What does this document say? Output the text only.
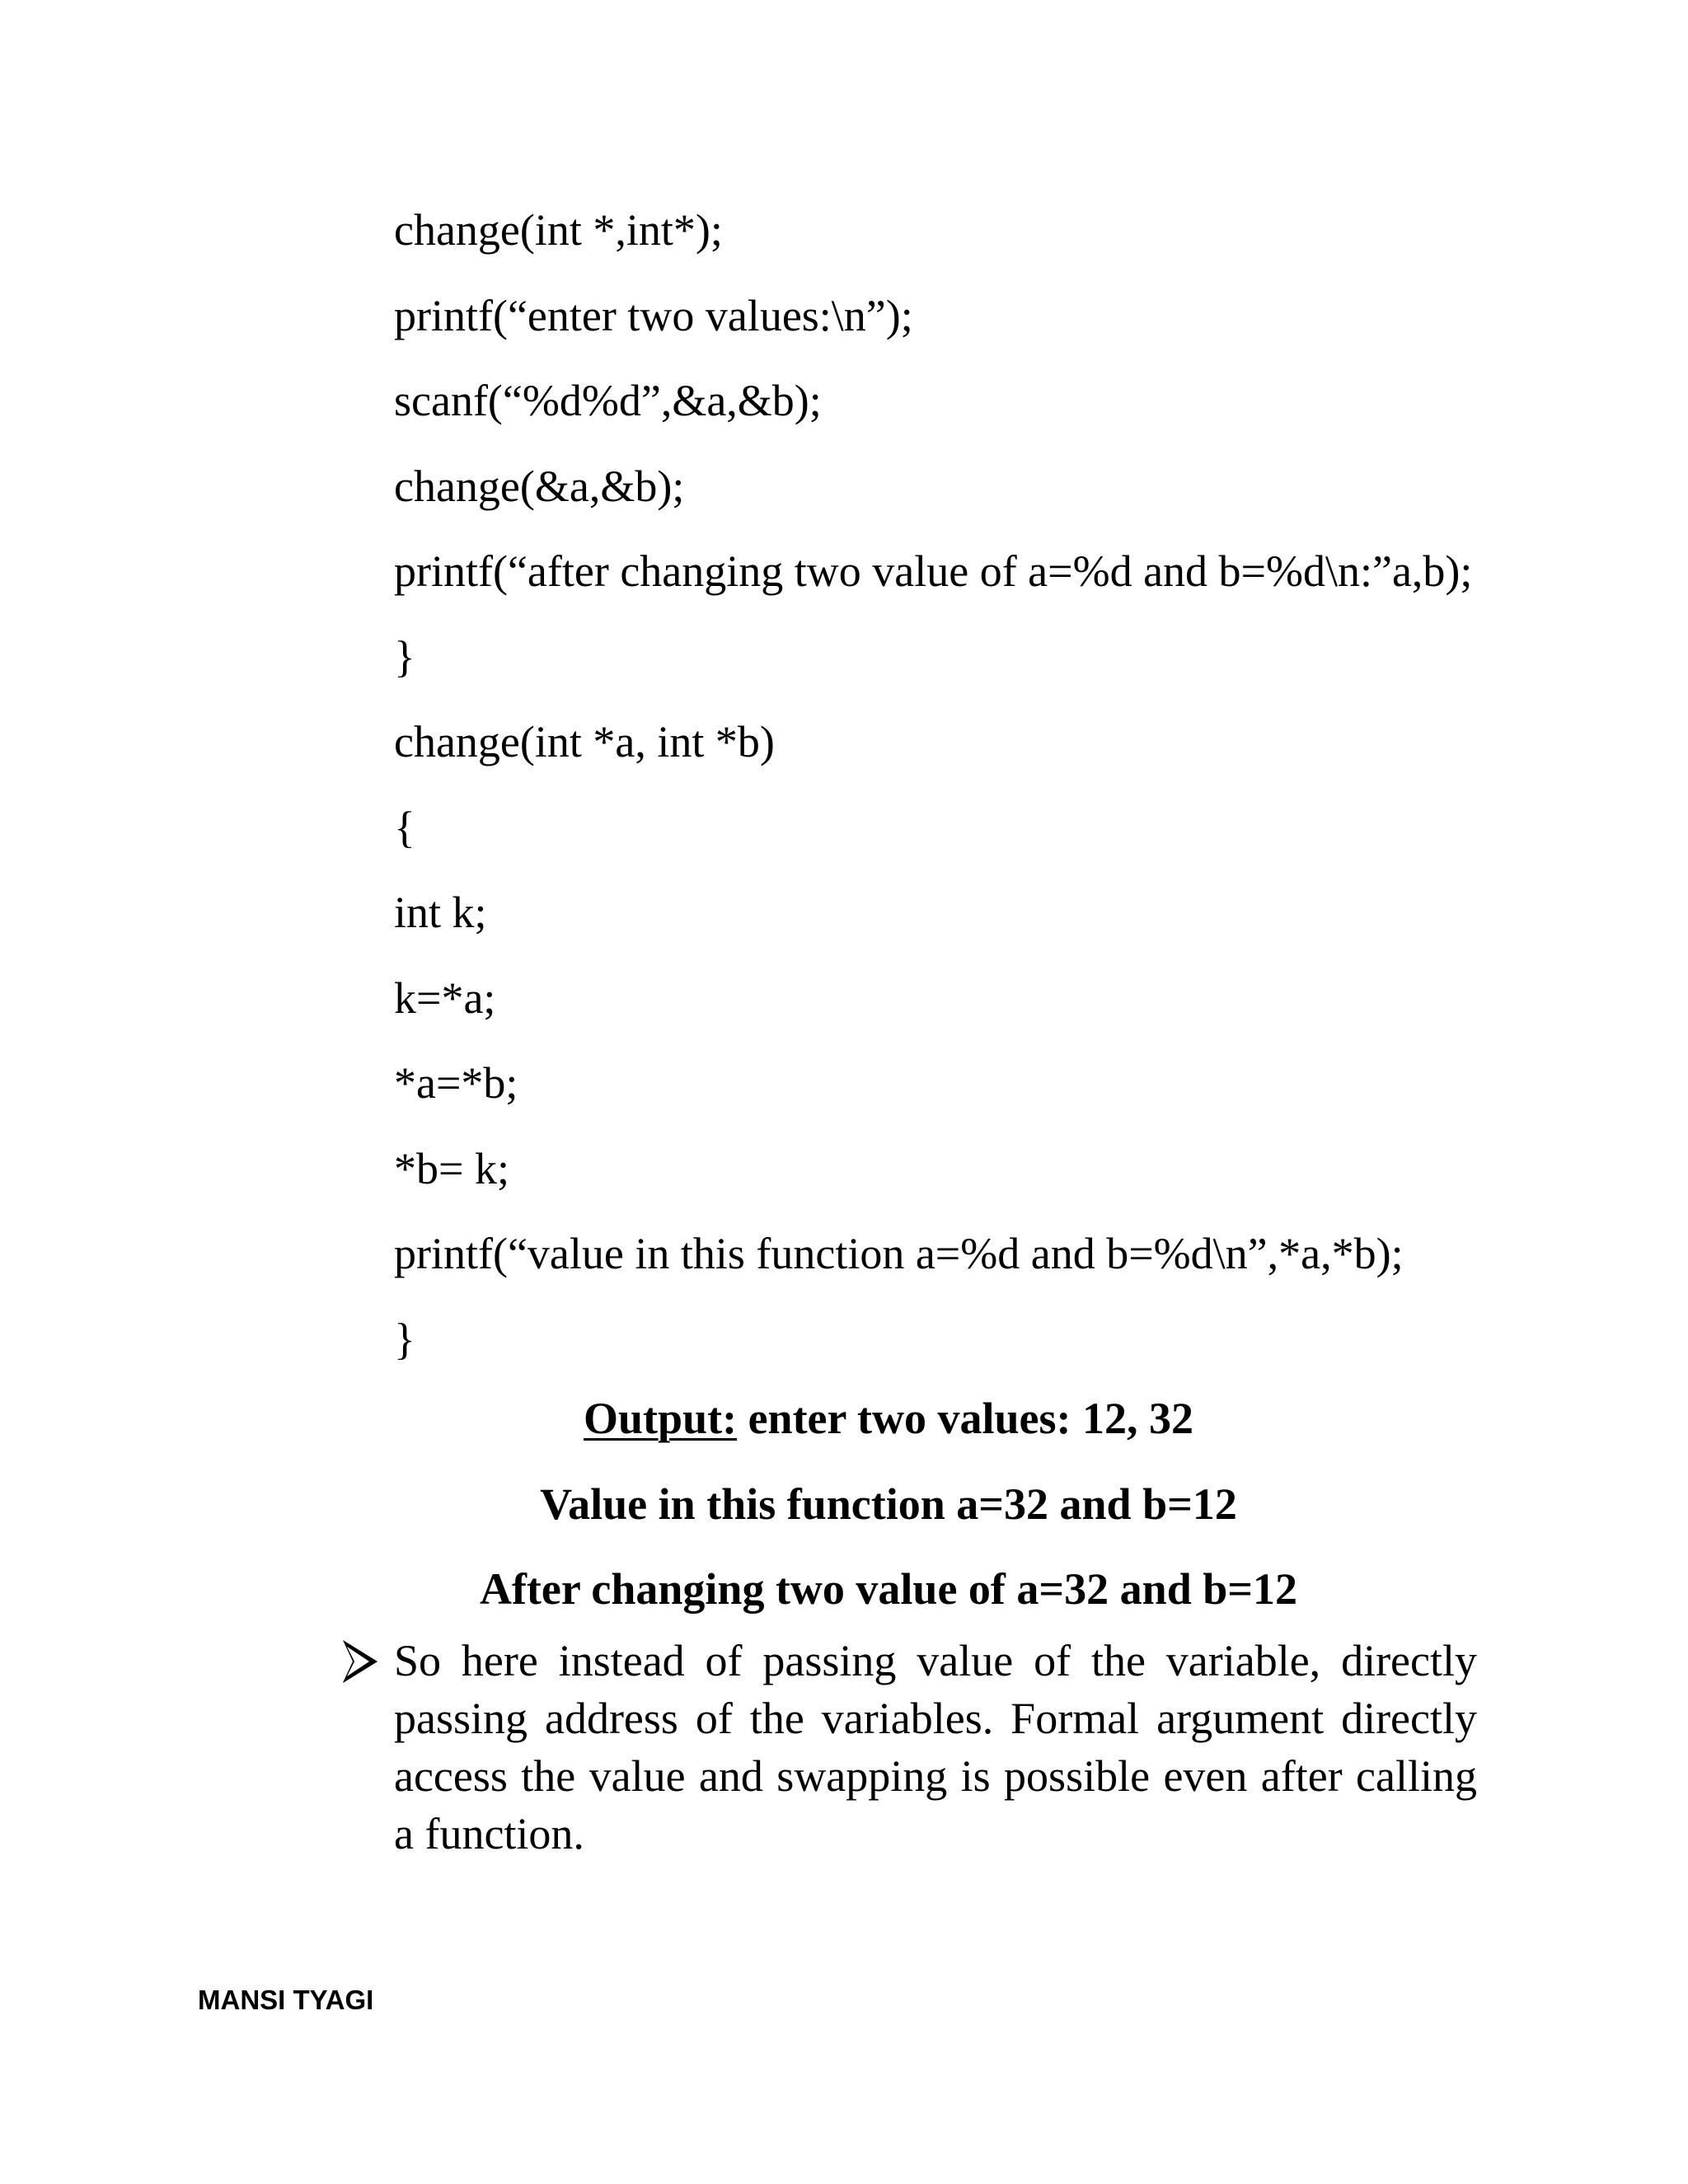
change(int *,int*);
printf(“enter two values:\n”);
scanf(“%d%d”,&a,&b);
change(&a,&b);
printf(“after changing two value of a=%d and b=%d\n:”a,b);
}
change(int *a, int *b)
{
int k;
k=*a;
*a=*b;
*b= k;
printf(“value in this function a=%d and b=%d\n”,*a,*b);
}
Output: enter two values: 12, 32
Value in this function a=32 and b=12
After changing two value of a=32 and b=12
So here instead of passing value of the variable, directly passing address of the variables. Formal argument directly access the value and swapping is possible even after calling a function.
MANSI TYAGI
